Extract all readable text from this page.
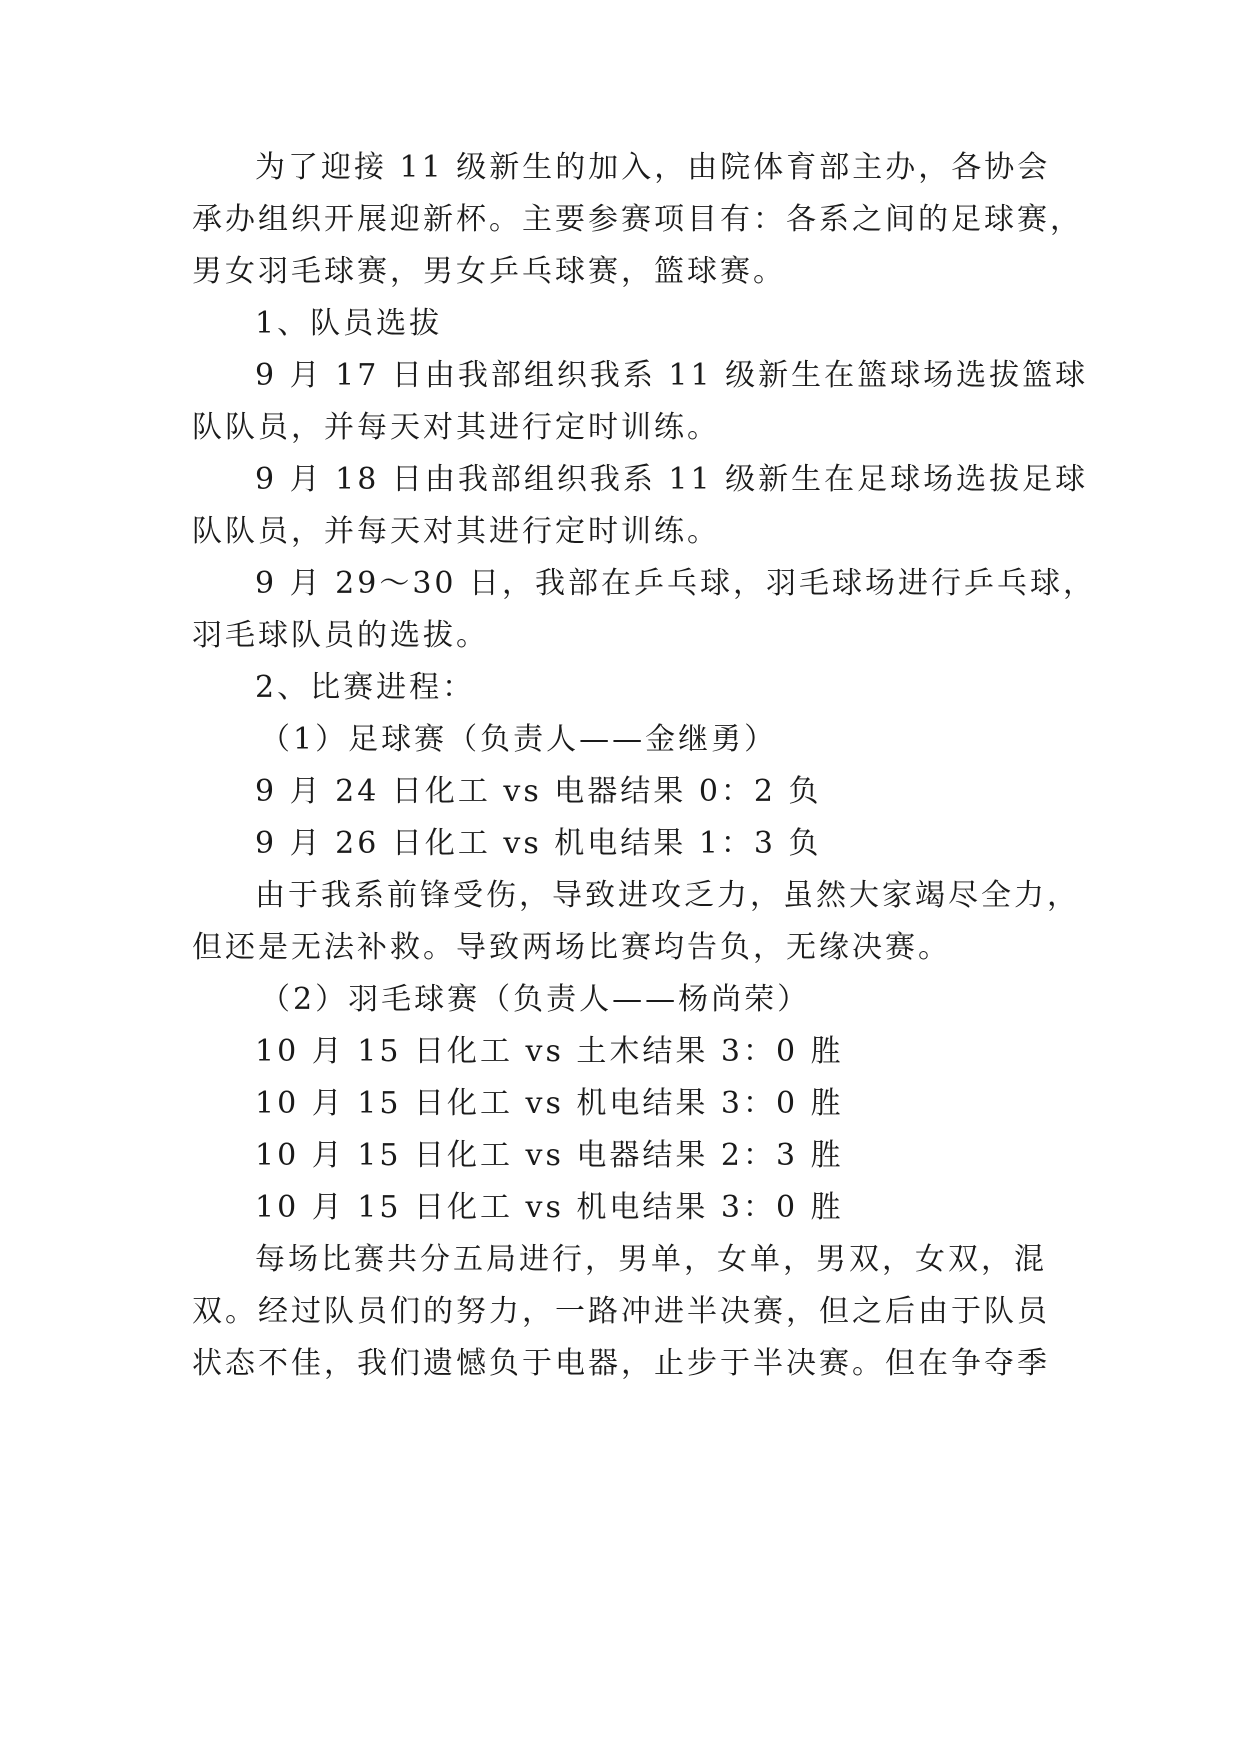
为了迎接 11 级新生的加入，由院体育部主办，各协会
承办组织开展迎新杯。主要参赛项目有：各系之间的足球赛，
男女羽毛球赛，男女乒乓球赛，篮球赛。
1、队员选拔
9 月 17 日由我部组织我系 11 级新生在篮球场选拔篮球
队队员，并每天对其进行定时训练。
9 月 18 日由我部组织我系 11 级新生在足球场选拔足球
队队员，并每天对其进行定时训练。
9 月 29～30 日，我部在乒乓球，羽毛球场进行乒乓球，
羽毛球队员的选拔。
2、比赛进程：
（1）足球赛（负责人——金继勇）
9 月 24 日化工 vs 电器结果 0：2 负
9 月 26 日化工 vs 机电结果 1：3 负
由于我系前锋受伤，导致进攻乏力，虽然大家竭尽全力，
但还是无法补救。导致两场比赛均告负，无缘决赛。
（2）羽毛球赛（负责人——杨尚荣）
10 月 15 日化工 vs 土木结果 3：0 胜
10 月 15 日化工 vs 机电结果 3：0 胜
10 月 15 日化工 vs 电器结果 2：3 胜
10 月 15 日化工 vs 机电结果 3：0 胜
每场比赛共分五局进行，男单，女单，男双，女双，混
双。经过队员们的努力，一路冲进半决赛，但之后由于队员
状态不佳，我们遗憾负于电器，止步于半决赛。但在争夺季
